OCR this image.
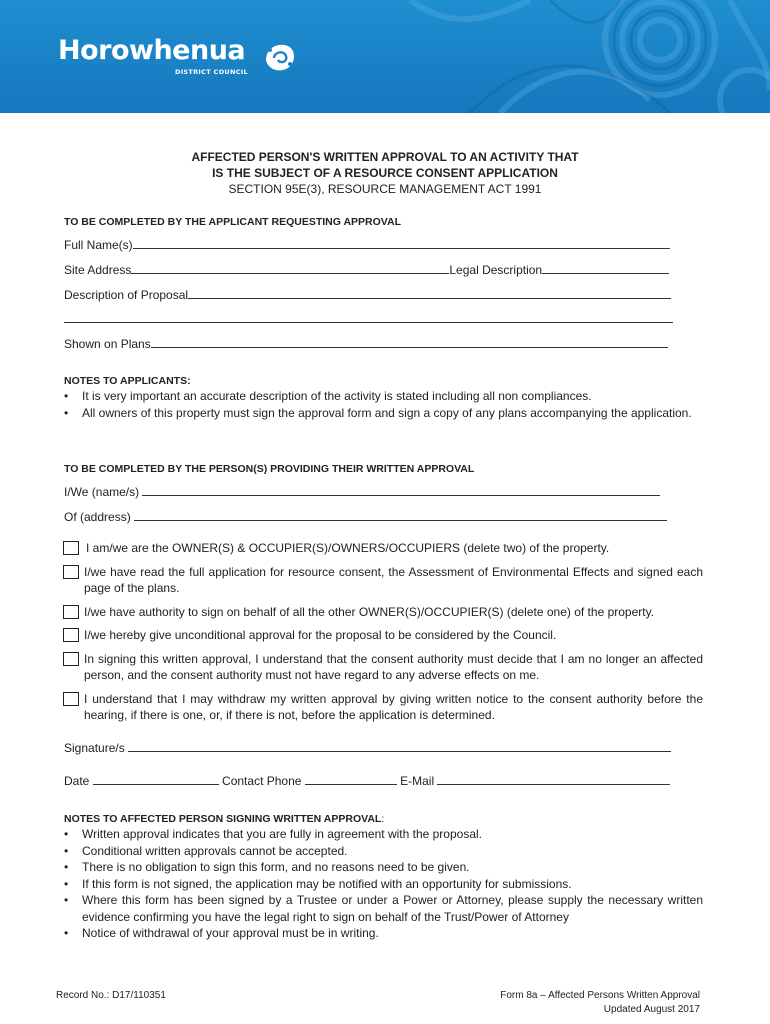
Horowhenua
DISTRICT COUNCIL
AFFECTED PERSON'S WRITTEN APPROVAL TO AN ACTIVITY THAT
IS THE SUBJECT OF A RESOURCE CONSENT APPLICATION
SECTION 95E(3), RESOURCE MANAGEMENT ACT 1991
TO BE COMPLETED BY THE APPLICANT REQUESTING APPROVAL
Full Name(s)
Site Address	Legal Description
Description of Proposal
Shown on Plans
NOTES TO APPLICANTS:
• It is very important an accurate description of the activity is stated including all non compliances.
• All owners of this property must sign the approval form and sign a copy of any plans accompanying the application.
TO BE COMPLETED BY THE PERSON(S) PROVIDING THEIR WRITTEN APPROVAL
I/We (name/s)
Of (address)
I am/we are the OWNER(S) & OCCUPIER(S)/OWNERS/OCCUPIERS (delete two) of the property.
I/we have read the full application for resource consent, the Assessment of Environmental Effects and signed each page of the plans.
I/we have authority to sign on behalf of all the other OWNER(S)/OCCUPIER(S) (delete one) of the property.
I/we hereby give unconditional approval for the proposal to be considered by the Council.
In signing this written approval, I understand that the consent authority must decide that I am no longer an affected person, and the consent authority must not have regard to any adverse effects on me.
I understand that I may withdraw my written approval by giving written notice to the consent authority before the hearing, if there is one, or, if there is not, before the application is determined.
Signature/s
Date	Contact Phone	E-Mail
NOTES TO AFFECTED PERSON SIGNING WRITTEN APPROVAL:
• Written approval indicates that you are fully in agreement with the proposal.
• Conditional written approvals cannot be accepted.
• There is no obligation to sign this form, and no reasons need to be given.
• If this form is not signed, the application may be notified with an opportunity for submissions.
• Where this form has been signed by a Trustee or under a Power or Attorney, please supply the necessary written evidence confirming you have the legal right to sign on behalf of the Trust/Power of Attorney
• Notice of withdrawal of your approval must be in writing.
Record No.: D17/110351	Form 8a – Affected Persons Written Approval
Updated August 2017
